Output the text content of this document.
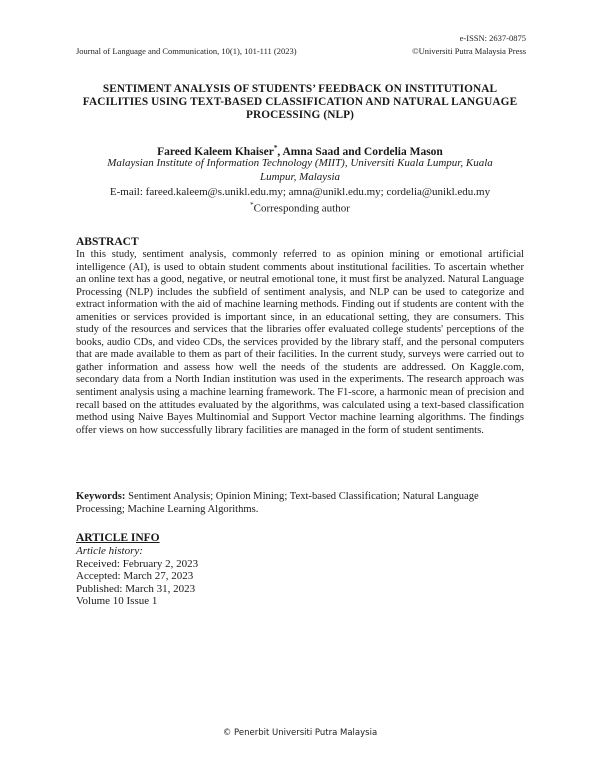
e-ISSN: 2637-0875
Journal of Language and Communication, 10(1), 101-111 (2023)	©Universiti Putra Malaysia Press
SENTIMENT ANALYSIS OF STUDENTS’ FEEDBACK ON INSTITUTIONAL FACILITIES USING TEXT-BASED CLASSIFICATION AND NATURAL LANGUAGE PROCESSING (NLP)
Fareed Kaleem Khaiser*, Amna Saad and Cordelia Mason
Malaysian Institute of Information Technology (MIIT), Universiti Kuala Lumpur, Kuala Lumpur, Malaysia
E-mail: fareed.kaleem@s.unikl.edu.my; amna@unikl.edu.my; cordelia@unikl.edu.my
*Corresponding author
ABSTRACT

In this study, sentiment analysis, commonly referred to as opinion mining or emotional artificial intelligence (AI), is used to obtain student comments about institutional facilities. To ascertain whether an online text has a good, negative, or neutral emotional tone, it must first be analyzed. Natural Language Processing (NLP) includes the subfield of sentiment analysis, and NLP can be used to categorize and extract information with the aid of machine learning methods. Finding out if students are content with the amenities or services provided is important since, in an educational setting, they are consumers. This study of the resources and services that the libraries offer evaluated college students' perceptions of the books, audio CDs, and video CDs, the services provided by the library staff, and the personal computers that are made available to them as part of their facilities. In the current study, surveys were carried out to gather information and assess how well the needs of the students are addressed. On Kaggle.com, secondary data from a North Indian institution was used in the experiments. The research approach was sentiment analysis using a machine learning framework. The F1-score, a harmonic mean of precision and recall based on the attitudes evaluated by the algorithms, was calculated using a text-based classification method using Naive Bayes Multinomial and Support Vector machine learning algorithms. The findings offer views on how successfully library facilities are managed in the form of student sentiments.

Keywords: Sentiment Analysis; Opinion Mining; Text-based Classification; Natural Language Processing; Machine Learning Algorithms.

ARTICLE INFO
Article history:
Received: February 2, 2023
Accepted: March 27, 2023
Published: March 31, 2023
Volume 10 Issue 1
© Penerbit Universiti Putra Malaysia
